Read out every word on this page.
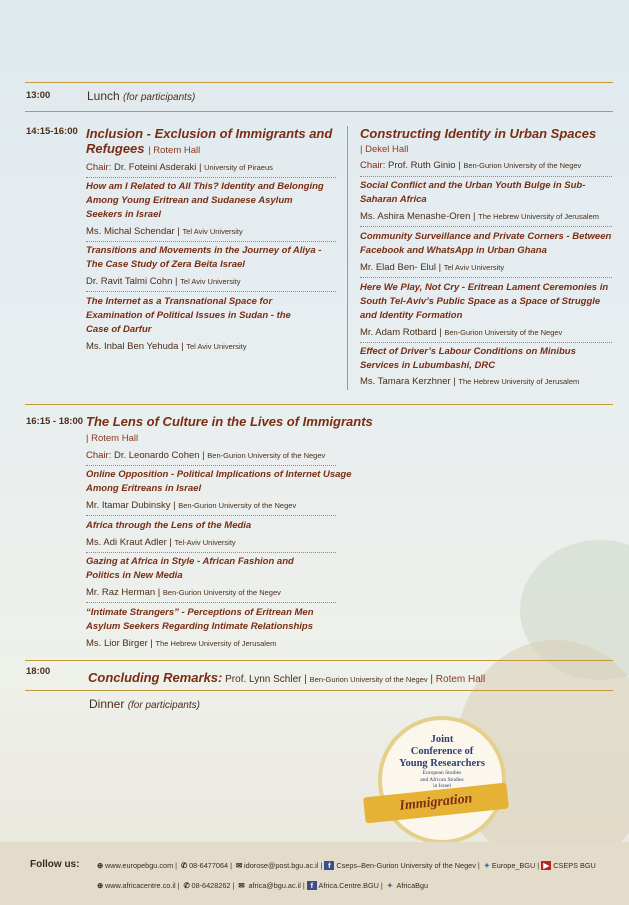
13:00	Lunch (for participants)
14:15-16:00 Inclusion - Exclusion of Immigrants and Refugees | Rotem Hall
Chair: Dr. Foteini Asderaki | University of Piraeus
How am I Related to All This? Identity and Belonging Among Young Eritrean and Sudanese Asylum Seekers in Israel
Ms. Michal Schendar | Tel Aviv University
Transitions and Movements in the Journey of Aliya - The Case Study of Zera Beita Israel
Dr. Ravit Talmi Cohn | Tel Aviv University
The Internet as a Transnational Space for Examination of Political Issues in Sudan - the Case of Darfur
Ms. Inbal Ben Yehuda | Tel Aviv University
Constructing Identity in Urban Spaces
| Dekel Hall
Chair: Prof. Ruth Ginio | Ben-Gurion University of the Negev
Social Conflict and the Urban Youth Bulge in Sub-Saharan Africa
Ms. Ashira Menashe-Oren | The Hebrew University of Jerusalem
Community Surveillance and Private Corners - Between Facebook and WhatsApp in Urban Ghana
Mr. Elad Ben- Elul | Tel Aviv University
Here We Play, Not Cry - Eritrean Lament Ceremonies in South Tel-Aviv’s Public Space as a Space of Struggle and Identity Formation
Mr. Adam Rotbard | Ben-Gurion University of the Negev
Effect of Driver’s Labour Conditions on Minibus Services in Lubumbashi, DRC
Ms. Tamara Kerzhner | The Hebrew University of Jerusalem
16:15 - 18:00 The Lens of Culture in the Lives of Immigrants
| Rotem Hall
Chair: Dr. Leonardo Cohen | Ben-Gurion University of the Negev
Online Opposition - Political Implications of Internet Usage Among Eritreans in Israel
Mr. Itamar Dubinsky | Ben-Gurion University of the Negev
Africa through the Lens of the Media
Ms. Adi Kraut Adler | Tel-Aviv University
Gazing at Africa in Style - African Fashion and Politics in New Media
Mr. Raz Herman | Ben-Gurion University of the Negev
“Intimate Strangers” - Perceptions of Eritrean Men Asylum Seekers Regarding Intimate Relationships
Ms. Lior Birger | The Hebrew University of Jerusalem
18:00	Concluding Remarks: Prof. Lynn Schler | Ben-Gurion University of the Negev | Rotem Hall
Dinner (for participants)
Joint
Conference of
Young Researchers
European Studies
and African Studies
in Israel
Immigration
Follow us: ⊕ www.europebgu.com | ✆ 08-6477064 | ✉ idorose@post.bgu.ac.il | f Cseps–Ben-Gurion University of the Negev | ✦ Europe_BGU | ▶ CSEPS BGU
⊕ www.africacentre.co.il | ✆ 08-6428262 | ✉ africa@bgu.ac.il | f Africa.Centre.BGU | ✦ AfricaBgu
